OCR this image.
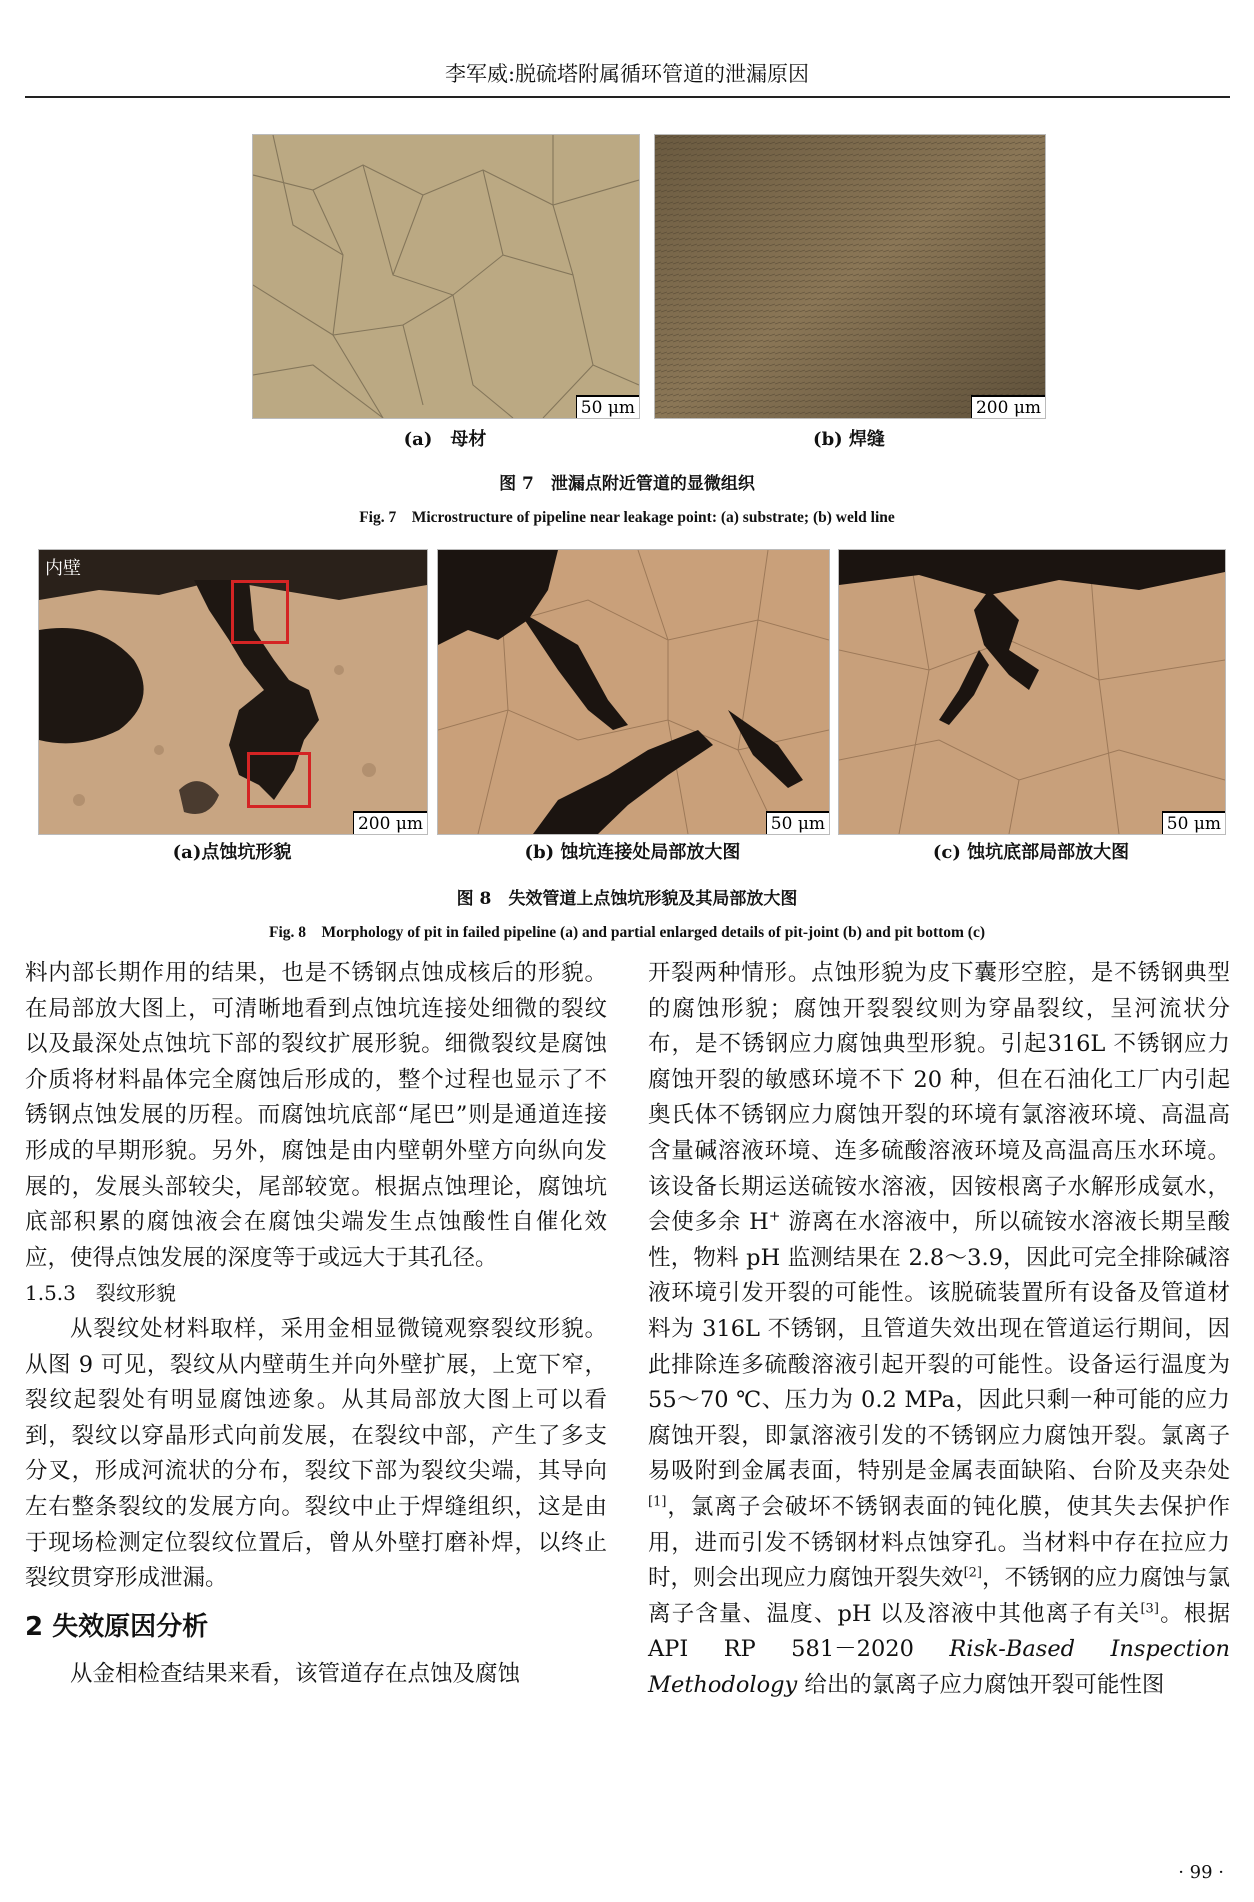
李军威:脱硫塔附属循环管道的泄漏原因
50 μm	200 μm
(a)　母材	(b) 焊缝
图 7　泄漏点附近管道的显微组织
Fig. 7　Microstructure of pipeline near leakage point: (a) substrate; (b) weld line
内壁
200 μm	50 μm	50 μm
(a)点蚀坑形貌	(b) 蚀坑连接处局部放大图	(c) 蚀坑底部局部放大图
图 8　失效管道上点蚀坑形貌及其局部放大图
Fig. 8　Morphology of pit in failed pipeline (a) and partial enlarged details of pit-joint (b) and pit bottom (c)

料内部长期作用的结果，也是不锈钢点蚀成核后的形貌。在局部放大图上，可清晰地看到点蚀坑连接处细微的裂纹以及最深处点蚀坑下部的裂纹扩展形貌。细微裂纹是腐蚀介质将材料晶体完全腐蚀后形成的，整个过程也显示了不锈钢点蚀发展的历程。而腐蚀坑底部“尾巴”则是通道连接形成的早期形貌。另外，腐蚀是由内壁朝外壁方向纵向发展的，发展头部较尖，尾部较宽。根据点蚀理论，腐蚀坑底部积累的腐蚀液会在腐蚀尖端发生点蚀酸性自催化效应，使得点蚀发展的深度等于或远大于其孔径。

1.5.3　裂纹形貌

从裂纹处材料取样，采用金相显微镜观察裂纹形貌。从图 9 可见，裂纹从内壁萌生并向外壁扩展，上宽下窄，裂纹起裂处有明显腐蚀迹象。从其局部放大图上可以看到，裂纹以穿晶形式向前发展，在裂纹中部，产生了多支分叉，形成河流状的分布，裂纹下部为裂纹尖端，其导向左右整条裂纹的发展方向。裂纹中止于焊缝组织，这是由于现场检测定位裂纹位置后，曾从外壁打磨补焊，以终止裂纹贯穿形成泄漏。

2 失效原因分析

从金相检查结果来看，该管道存在点蚀及腐蚀

开裂两种情形。点蚀形貌为皮下囊形空腔，是不锈钢典型的腐蚀形貌；腐蚀开裂裂纹则为穿晶裂纹，呈河流状分布，是不锈钢应力腐蚀典型形貌。引起316L 不锈钢应力腐蚀开裂的敏感环境不下 20 种，但在石油化工厂内引起奥氏体不锈钢应力腐蚀开裂的环境有氯溶液环境、高温高含量碱溶液环境、连多硫酸溶液环境及高温高压水环境。该设备长期运送硫铵水溶液，因铵根离子水解形成氨水，会使多余 H+ 游离在水溶液中，所以硫铵水溶液长期呈酸性，物料 pH 监测结果在 2.8～3.9，因此可完全排除碱溶液环境引发开裂的可能性。该脱硫装置所有设备及管道材料为 316L 不锈钢，且管道失效出现在管道运行期间，因此排除连多硫酸溶液引起开裂的可能性。设备运行温度为 55～70 ℃、压力为 0.2 MPa，因此只剩一种可能的应力腐蚀开裂，即氯溶液引发的不锈钢应力腐蚀开裂。氯离子易吸附到金属表面，特别是金属表面缺陷、台阶及夹杂处[1]，氯离子会破坏不锈钢表面的钝化膜，使其失去保护作用，进而引发不锈钢材料点蚀穿孔。当材料中存在拉应力时，则会出现应力腐蚀开裂失效[2]，不锈钢的应力腐蚀与氯离子含量、温度、pH 以及溶液中其他离子有关[3]。根据 API RP 581－2020 Risk-Based Inspection Methodology 给出的氯离子应力腐蚀开裂可能性图

· 99 ·
